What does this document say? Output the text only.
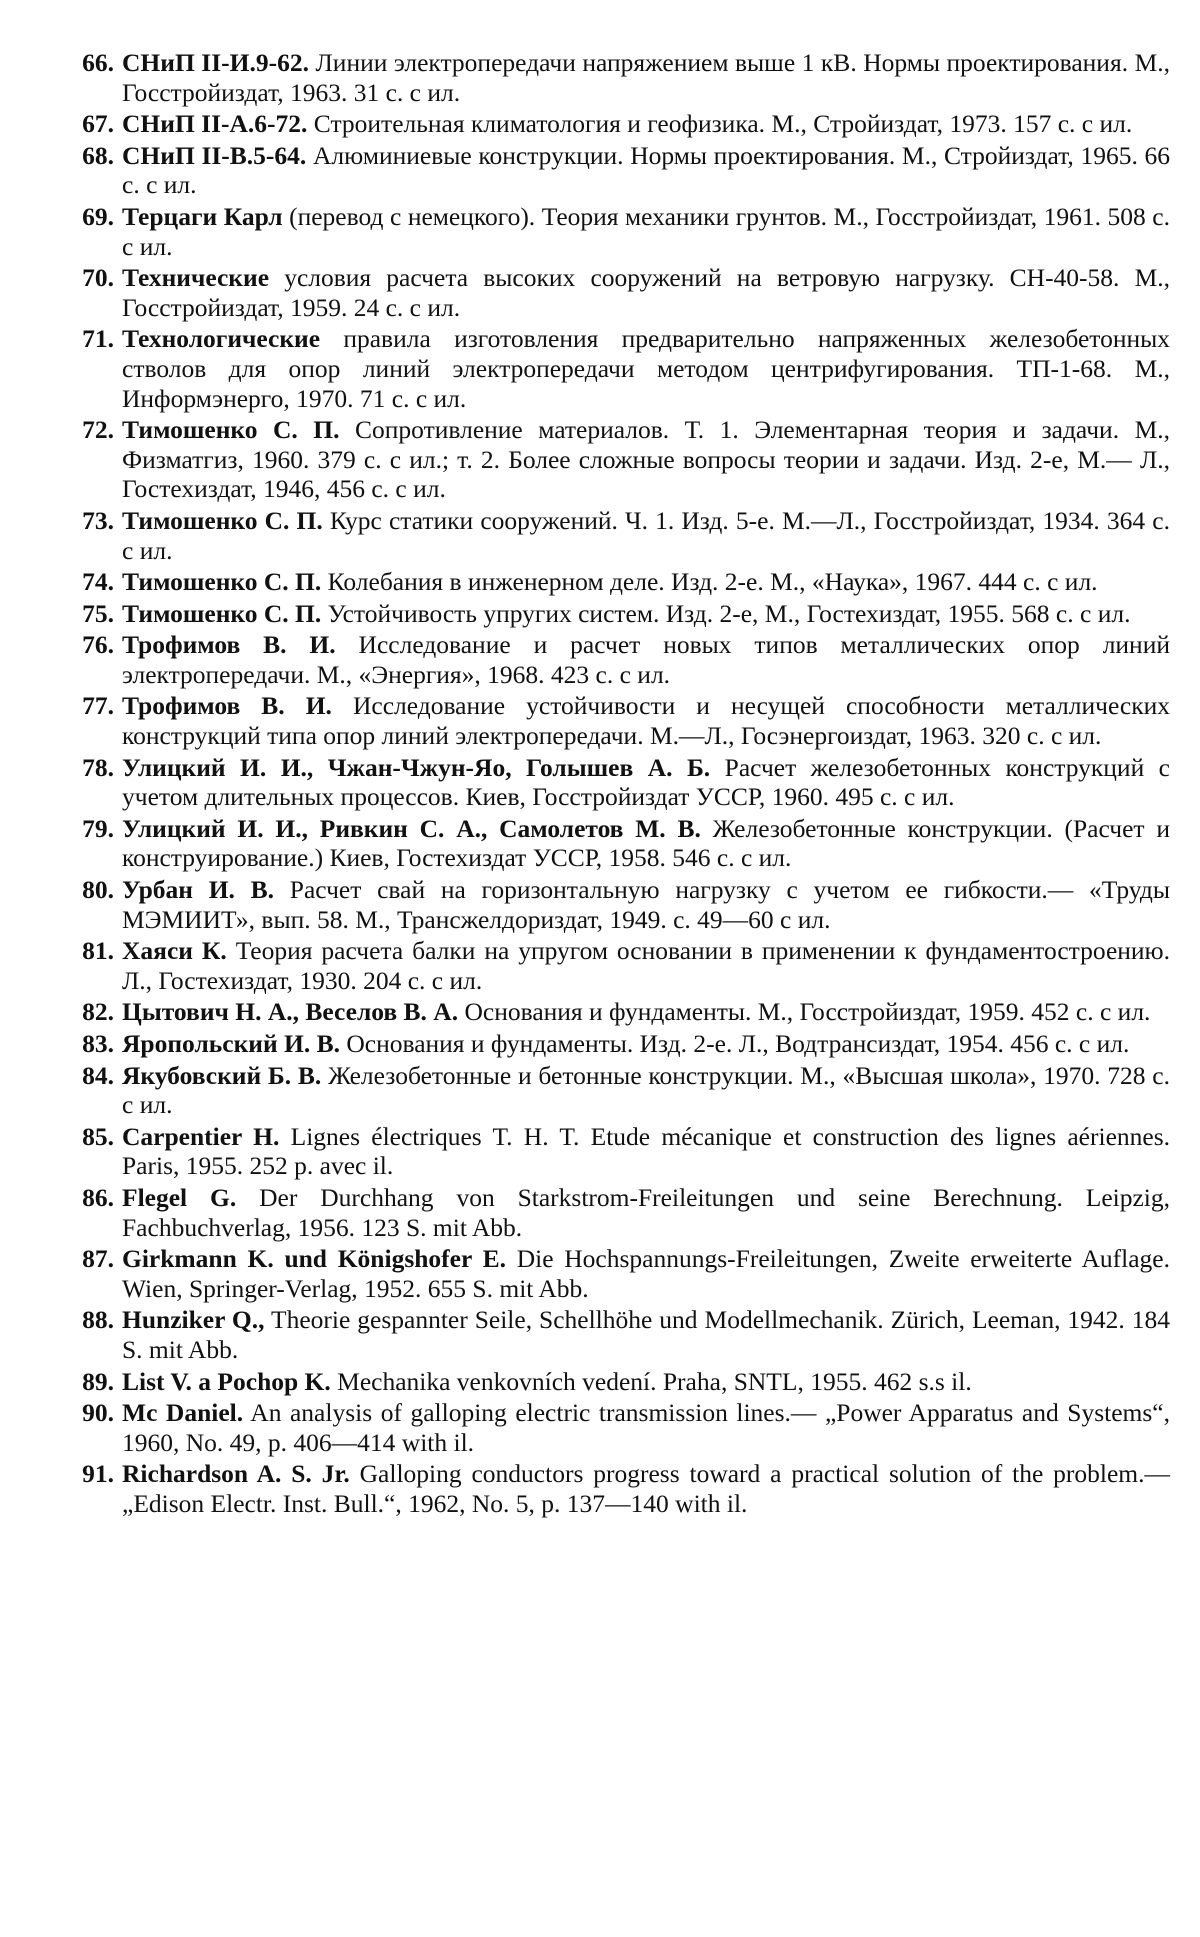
66. СНиП II-И.9-62. Линии электропередачи напряжением выше 1 кВ. Нормы проектирования. М., Госстройиздат, 1963. 31 с. с ил.
67. СНиП II-А.6-72. Строительная климатология и геофизика. М., Стройиздат, 1973. 157 с. с ил.
68. СНиП II-В.5-64. Алюминиевые конструкции. Нормы проектирования. М., Стройиздат, 1965. 66 с. с ил.
69. Терцаги Карл (перевод с немецкого). Теория механики грунтов. М., Госстройиздат, 1961. 508 с. с ил.
70. Технические условия расчета высоких сооружений на ветровую нагрузку. СН-40-58. М., Госстройиздат, 1959. 24 с. с ил.
71. Технологические правила изготовления предварительно напряженных железобетонных стволов для опор линий электропередачи методом центрифугирования. ТП-1-68. М., Информэнерго, 1970. 71 с. с ил.
72. Тимошенко С. П. Сопротивление материалов. Т. 1. Элементарная теория и задачи. М., Физматгиз, 1960. 379 с. с ил.; т. 2. Более сложные вопросы теории и задачи. Изд. 2-е, М.— Л., Гостехиздат, 1946, 456 с. с ил.
73. Тимошенко С. П. Курс статики сооружений. Ч. 1. Изд. 5-е. М.—Л., Госстройиздат, 1934. 364 с. с ил.
74. Тимошенко С. П. Колебания в инженерном деле. Изд. 2-е. М., «Наука», 1967. 444 с. с ил.
75. Тимошенко С. П. Устойчивость упругих систем. Изд. 2-е, М., Гостехиздат, 1955. 568 с. с ил.
76. Трофимов В. И. Исследование и расчет новых типов металлических опор линий электропередачи. М., «Энергия», 1968. 423 с. с ил.
77. Трофимов В. И. Исследование устойчивости и несущей способности металлических конструкций типа опор линий электропередачи. М.—Л., Госэнергоиздат, 1963. 320 с. с ил.
78. Улицкий И. И., Чжан-Чжун-Яо, Голышев А. Б. Расчет железобетонных конструкций с учетом длительных процессов. Киев, Госстройиздат УССР, 1960. 495 с. с ил.
79. Улицкий И. И., Ривкин С. А., Самолетов М. В. Железобетонные конструкции. (Расчет и конструирование.) Киев, Гостехиздат УССР, 1958. 546 с. с ил.
80. Урбан И. В. Расчет свай на горизонтальную нагрузку с учетом ее гибкости.— «Труды МЭМИИТ», вып. 58. М., Трансжелдориздат, 1949. с. 49—60 с ил.
81. Хаяси К. Теория расчета балки на упругом основании в применении к фундаментостроению. Л., Гостехиздат, 1930. 204 с. с ил.
82. Цытович Н. А., Веселов В. А. Основания и фундаменты. М., Госстройиздат, 1959. 452 с. с ил.
83. Яропольский И. В. Основания и фундаменты. Изд. 2-е. Л., Водтрансиздат, 1954. 456 с. с ил.
84. Якубовский Б. В. Железобетонные и бетонные конструкции. М., «Высшая школа», 1970. 728 с. с ил.
85. Carpentier H. Lignes électriques T. H. T. Etude mécanique et construction des lignes aériennes. Paris, 1955. 252 p. avec il.
86. Flegel G. Der Durchhang von Starkstrom-Freileitungen und seine Berechnung. Leipzig, Fachbuchverlag, 1956. 123 S. mit Abb.
87. Girkmann K. und Königshofer E. Die Hochspannungs-Freileitungen, Zweite erweiterte Auflage. Wien, Springer-Verlag, 1952. 655 S. mit Abb.
88. Hunziker Q., Theorie gespannter Seile, Schellhöhe und Modellmechanik. Zürich, Leeman, 1942. 184 S. mit Abb.
89. List V. a Pochop K. Mechanika venkovních vedení. Praha, SNTL, 1955. 462 s.s il.
90. Mc Daniel. An analysis of galloping electric transmission lines.— „Power Apparatus and Systems“, 1960, No. 49, p. 406—414 with il.
91. Richardson A. S. Jr. Galloping conductors progress toward a practical solution of the problem.— „Edison Electr. Inst. Bull.“, 1962, No. 5, p. 137—140 with il.
